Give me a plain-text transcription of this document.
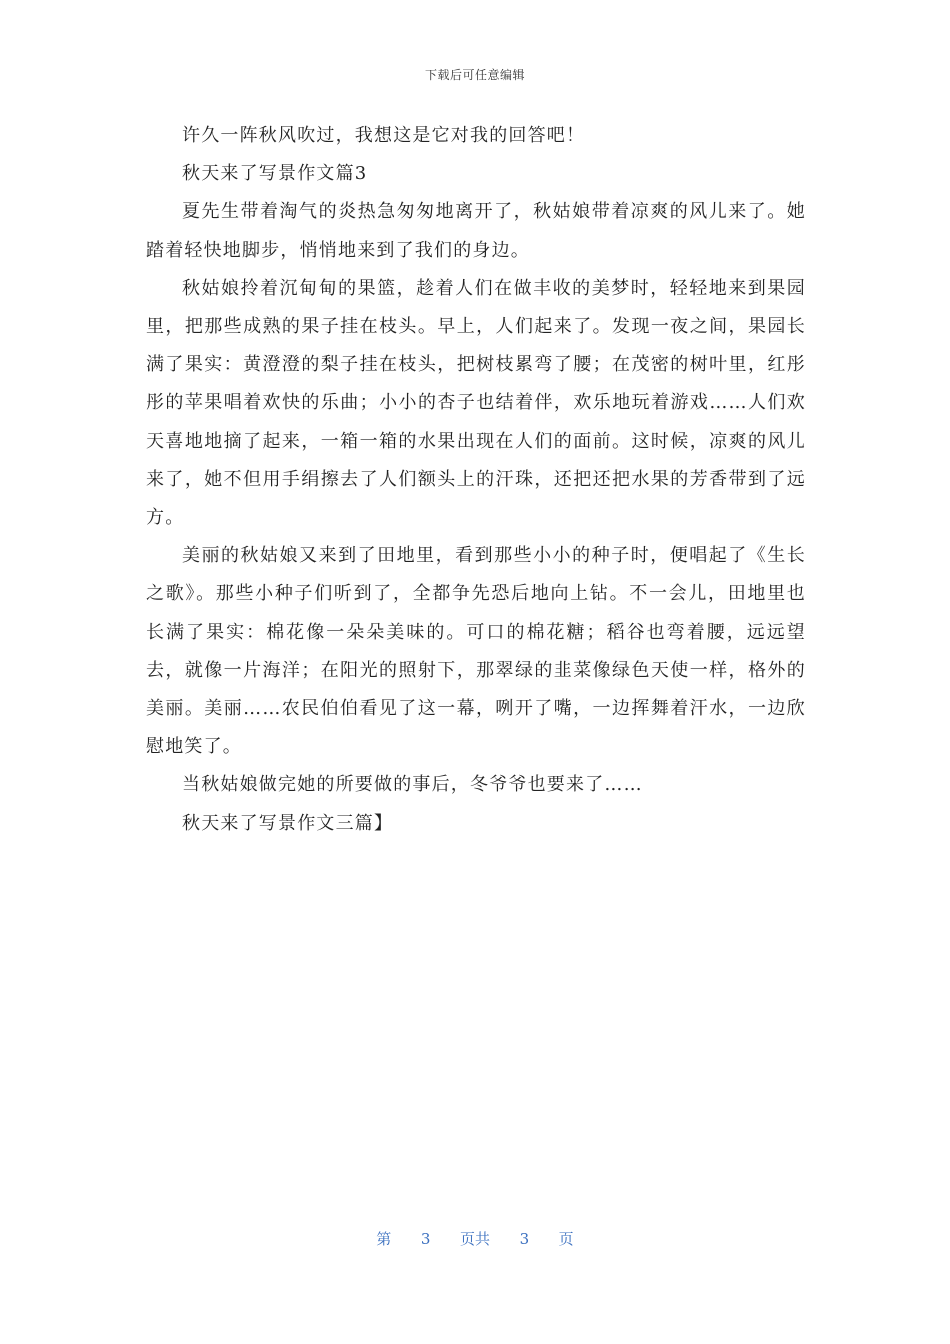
下载后可任意编辑

许久一阵秋风吹过，我想这是它对我的回答吧！

秋天来了写景作文篇3

夏先生带着淘气的炎热急匆匆地离开了，秋姑娘带着凉爽的风儿来了。她踏着轻快地脚步，悄悄地来到了我们的身边。

秋姑娘拎着沉甸甸的果篮，趁着人们在做丰收的美梦时，轻轻地来到果园里，把那些成熟的果子挂在枝头。早上，人们起来了。发现一夜之间，果园长满了果实：黄澄澄的梨子挂在枝头，把树枝累弯了腰；在茂密的树叶里，红彤彤的苹果唱着欢快的乐曲；小小的杏子也结着伴，欢乐地玩着游戏……人们欢天喜地地摘了起来，一箱一箱的水果出现在人们的面前。这时候，凉爽的风儿来了，她不但用手绢擦去了人们额头上的汗珠，还把还把水果的芳香带到了远方。

美丽的秋姑娘又来到了田地里，看到那些小小的种子时，便唱起了《生长之歌》。那些小种子们听到了，全都争先恐后地向上钻。不一会儿，田地里也长满了果实：棉花像一朵朵美味的。可口的棉花糖；稻谷也弯着腰，远远望去，就像一片海洋；在阳光的照射下，那翠绿的韭菜像绿色天使一样，格外的美丽。美丽……农民伯伯看见了这一幕，咧开了嘴，一边挥舞着汗水，一边欣慰地笑了。

当秋姑娘做完她的所要做的事后，冬爷爷也要来了……

秋天来了写景作文三篇】

第 3 页共 3 页
